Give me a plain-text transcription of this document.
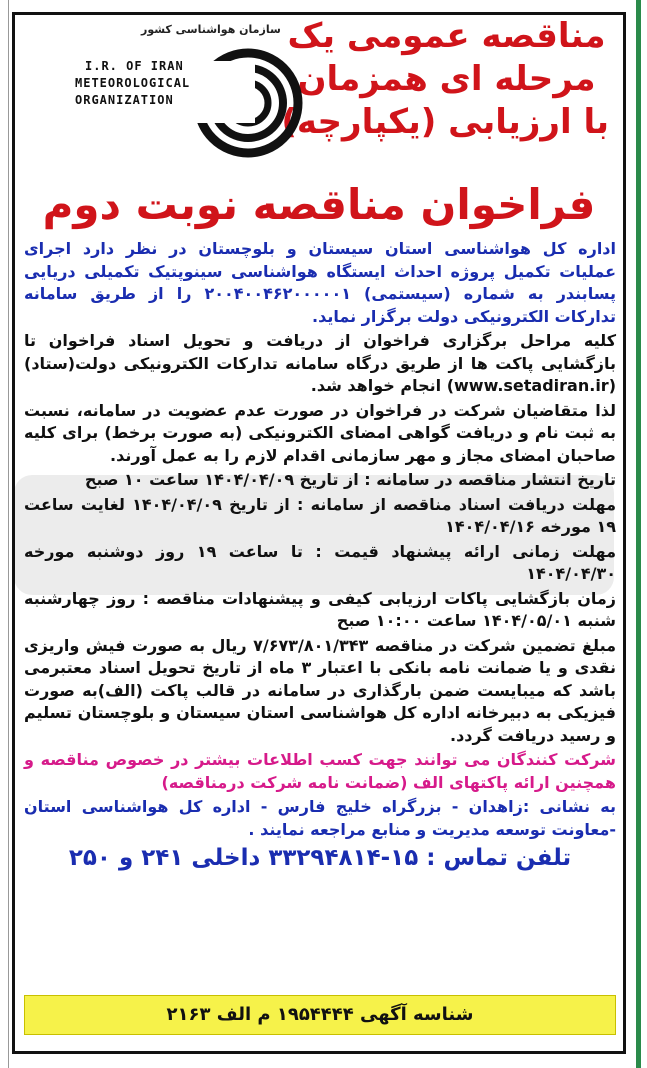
مناقصه عمومی یک
مرحله ای همزمان
با ارزیابی (یکپارچه)
سازمان هواشناسی کشور
I.R. OF IRAN
METEOROLOGICAL
ORGANIZATION
فراخوان مناقصه نوبت دوم

اداره کل هواشناسی استان سیستان و بلوچستان در نظر دارد اجرای عملیات تکمیل پروژه احداث ایستگاه هواشناسی سینوپتیک تکمیلی دریایی پسابندر به شماره (سیستمی) ۲۰۰۴۰۰۴۶۲۰۰۰۰۰۱ را از طریق سامانه تدارکات الکترونیکی دولت برگزار نماید.

کلیه مراحل برگزاری فراخوان از دریافت و تحویل اسناد فراخوان تا بازگشایی پاکت ها از طریق درگاه سامانه تدارکات الکترونیکی دولت(ستاد) (www.setadiran.ir) انجام خواهد شد.

لذا متقاضیان شرکت در فراخوان در صورت عدم عضویت در سامانه، نسبت به ثبت نام و دریافت گواهی امضای الکترونیکی (به صورت برخط) برای کلیه صاحبان امضای مجاز و مهر سازمانی اقدام لازم را به عمل آورند.

تاریخ انتشار مناقصه در سامانه : از تاریخ ۱۴۰۴/۰۴/۰۹ ساعت ۱۰ صبح

مهلت دریافت اسناد مناقصه از سامانه : از تاریخ ۱۴۰۴/۰۴/۰۹ لغایت ساعت ۱۹ مورخه ۱۴۰۴/۰۴/۱۶

مهلت زمانی ارائه پیشنهاد قیمت : تا ساعت ۱۹ روز دوشنبه مورخه ۱۴۰۴/۰۴/۳۰

زمان بازگشایی پاکات ارزیابی کیفی و پیشنهادات مناقصه : روز چهارشنبه شنبه ۱۴۰۴/۰۵/۰۱ ساعت ۱۰:۰۰ صبح

مبلغ تضمین شرکت در مناقصه ۷/۶۷۳/۸۰۱/۳۴۳ ریال به صورت فیش واریزی نقدی و یا ضمانت نامه بانکی با اعتبار ۳ ماه از تاریخ تحویل اسناد معتبرمی باشد که میبایست ضمن بارگذاری در سامانه در قالب پاکت (الف)به صورت فیزیکی به دبیرخانه اداره کل هواشناسی استان سیستان و بلوچستان تسلیم و رسید دریافت گردد.

شرکت کنندگان می توانند جهت کسب اطلاعات بیشتر در خصوص مناقصه و همچنین ارائه پاکتهای الف (ضمانت نامه شرکت درمناقصه)

به نشانی :زاهدان - بزرگراه خلیج فارس - اداره کل هواشناسی استان -معاونت توسعه مدیریت و منابع مراجعه نمایند .

تلفن تماس : ۱۵-۳۳۲۹۴۸۱۴ داخلی ۲۴۱ و ۲۵۰

شناسه آگهی ۱۹۵۴۴۴۴ م الف ۲۱۶۳
